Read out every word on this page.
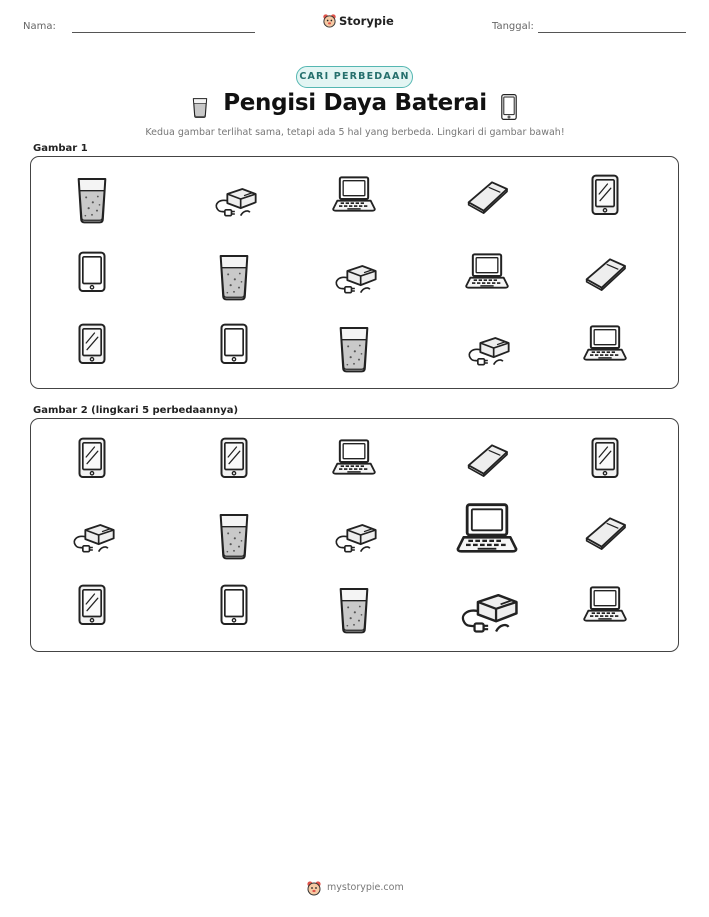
Nama:	Storypie	Tanggal:
CARI PERBEDAAN
Pengisi Daya Baterai
Kedua gambar terlihat sama, tetapi ada 5 hal yang berbeda. Lingkari di gambar bawah!
Gambar 1
Gambar 2 (lingkari 5 perbedaannya)
mystorypie.com
